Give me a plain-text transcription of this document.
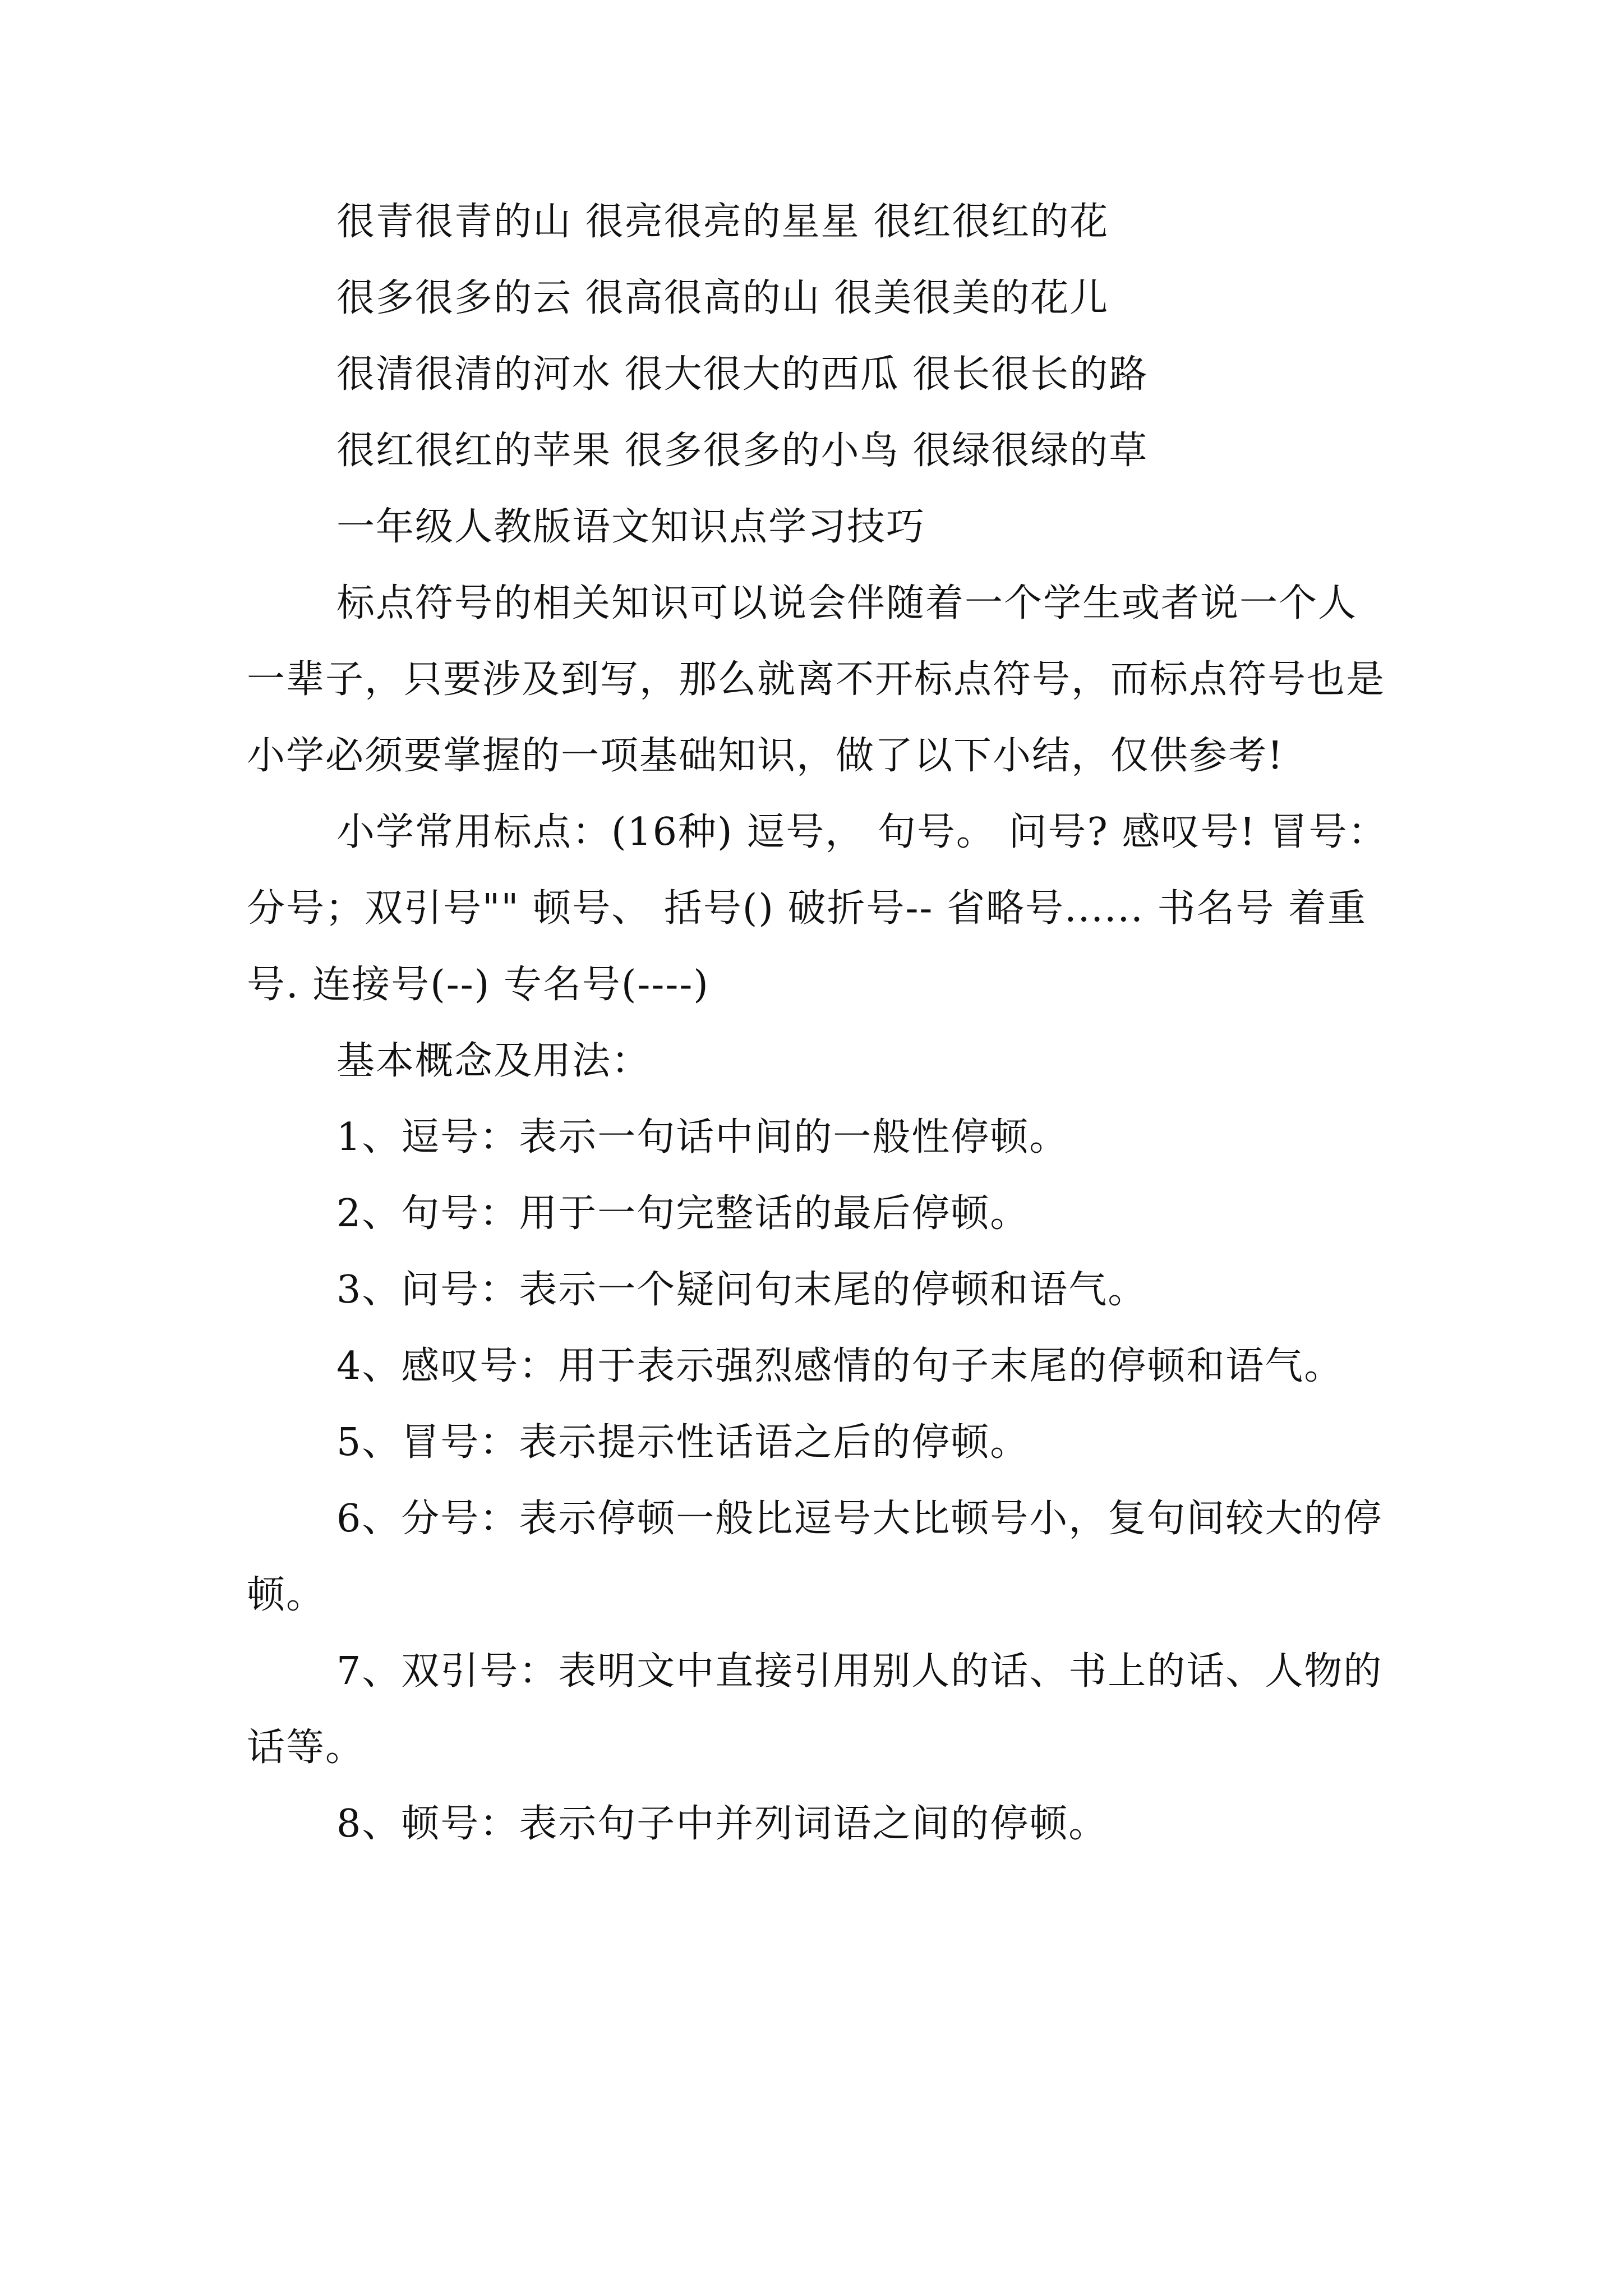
很青很青的山 很亮很亮的星星 很红很红的花

很多很多的云 很高很高的山 很美很美的花儿

很清很清的河水 很大很大的西瓜 很长很长的路

很红很红的苹果 很多很多的小鸟 很绿很绿的草

一年级人教版语文知识点学习技巧

标点符号的相关知识可以说会伴随着一个学生或者说一个人一辈子，只要涉及到写，那么就离不开标点符号，而标点符号也是小学必须要掌握的一项基础知识，做了以下小结，仅供参考!

小学常用标点：(16种) 逗号， 句号。 问号? 感叹号! 冒号： 分号；双引号"" 顿号、 括号() 破折号-- 省略号...... 书名号 着重号. 连接号(--) 专名号(----)

基本概念及用法：

1、逗号：表示一句话中间的一般性停顿。

2、句号：用于一句完整话的最后停顿。

3、问号：表示一个疑问句末尾的停顿和语气。

4、感叹号：用于表示强烈感情的句子末尾的停顿和语气。

5、冒号：表示提示性话语之后的停顿。

6、分号：表示停顿一般比逗号大比顿号小，复句间较大的停顿。

7、双引号：表明文中直接引用别人的话、书上的话、人物的话等。

8、顿号：表示句子中并列词语之间的停顿。
